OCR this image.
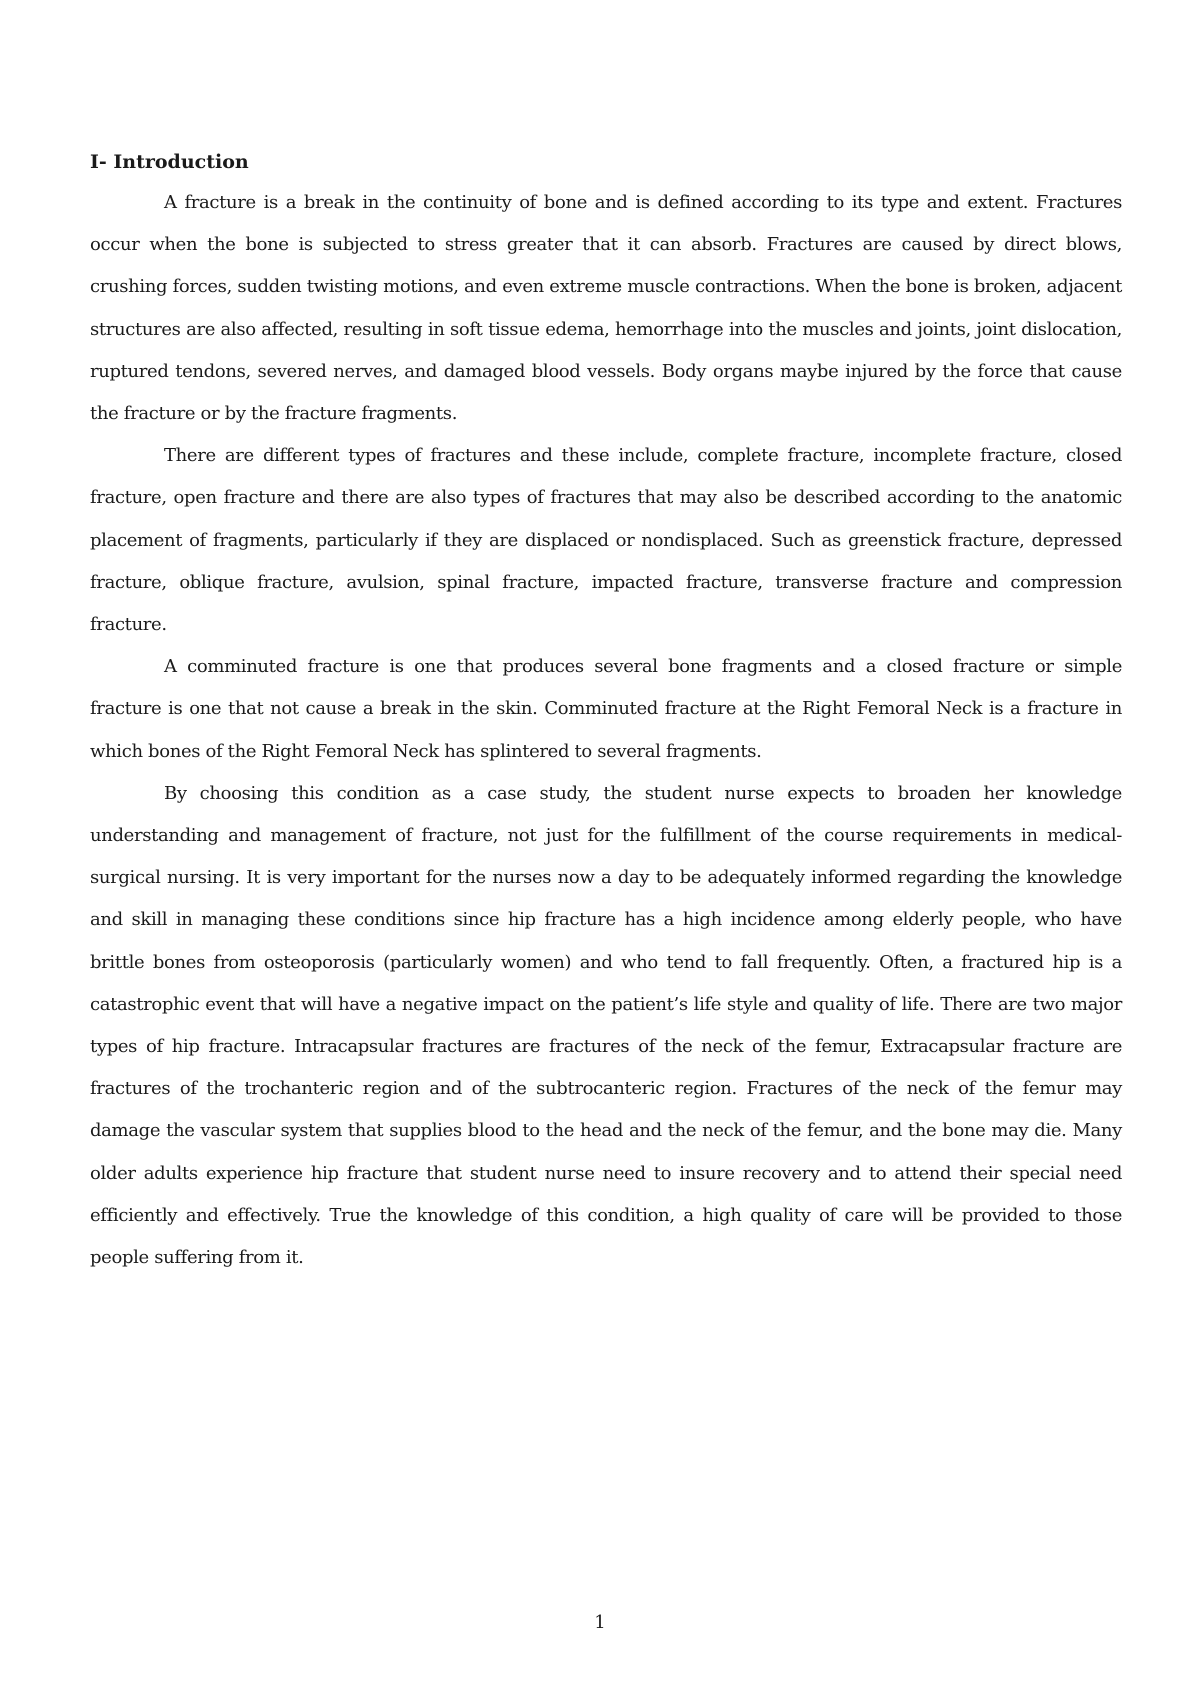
I- Introduction

A fracture is a break in the continuity of bone and is defined according to its type and extent. Fractures occur when the bone is subjected to stress greater that it can absorb. Fractures are caused by direct blows, crushing forces, sudden twisting motions, and even extreme muscle contractions. When the bone is broken, adjacent structures are also affected, resulting in soft tissue edema, hemorrhage into the muscles and joints, joint dislocation, ruptured tendons, severed nerves, and damaged blood vessels. Body organs maybe injured by the force that cause the fracture or by the fracture fragments.

There are different types of fractures and these include, complete fracture, incomplete fracture, closed fracture, open fracture and there are also types of fractures that may also be described according to the anatomic placement of fragments, particularly if they are displaced or nondisplaced. Such as greenstick fracture, depressed fracture, oblique fracture, avulsion, spinal fracture, impacted fracture, transverse fracture and compression fracture.

A comminuted fracture is one that produces several bone fragments and a closed fracture or simple fracture is one that not cause a break in the skin. Comminuted fracture at the Right Femoral Neck is a fracture in which bones of the Right Femoral Neck has splintered to several fragments.

By choosing this condition as a case study, the student nurse expects to broaden her knowledge understanding and management of fracture, not just for the fulfillment of the course requirements in medical-surgical nursing. It is very important for the nurses now a day to be adequately informed regarding the knowledge and skill in managing these conditions since hip fracture has a high incidence among elderly people, who have brittle bones from osteoporosis (particularly women) and who tend to fall frequently. Often, a fractured hip is a catastrophic event that will have a negative impact on the patient’s life style and quality of life. There are two major types of hip fracture. Intracapsular fractures are fractures of the neck of the femur, Extracapsular fracture are fractures of the trochanteric region and of the subtrocanteric region. Fractures of the neck of the femur may damage the vascular system that supplies blood to the head and the neck of the femur, and the bone may die. Many older adults experience hip fracture that student nurse need to insure recovery and to attend their special need efficiently and effectively. True the knowledge of this condition, a high quality of care will be provided to those people suffering from it.

1
